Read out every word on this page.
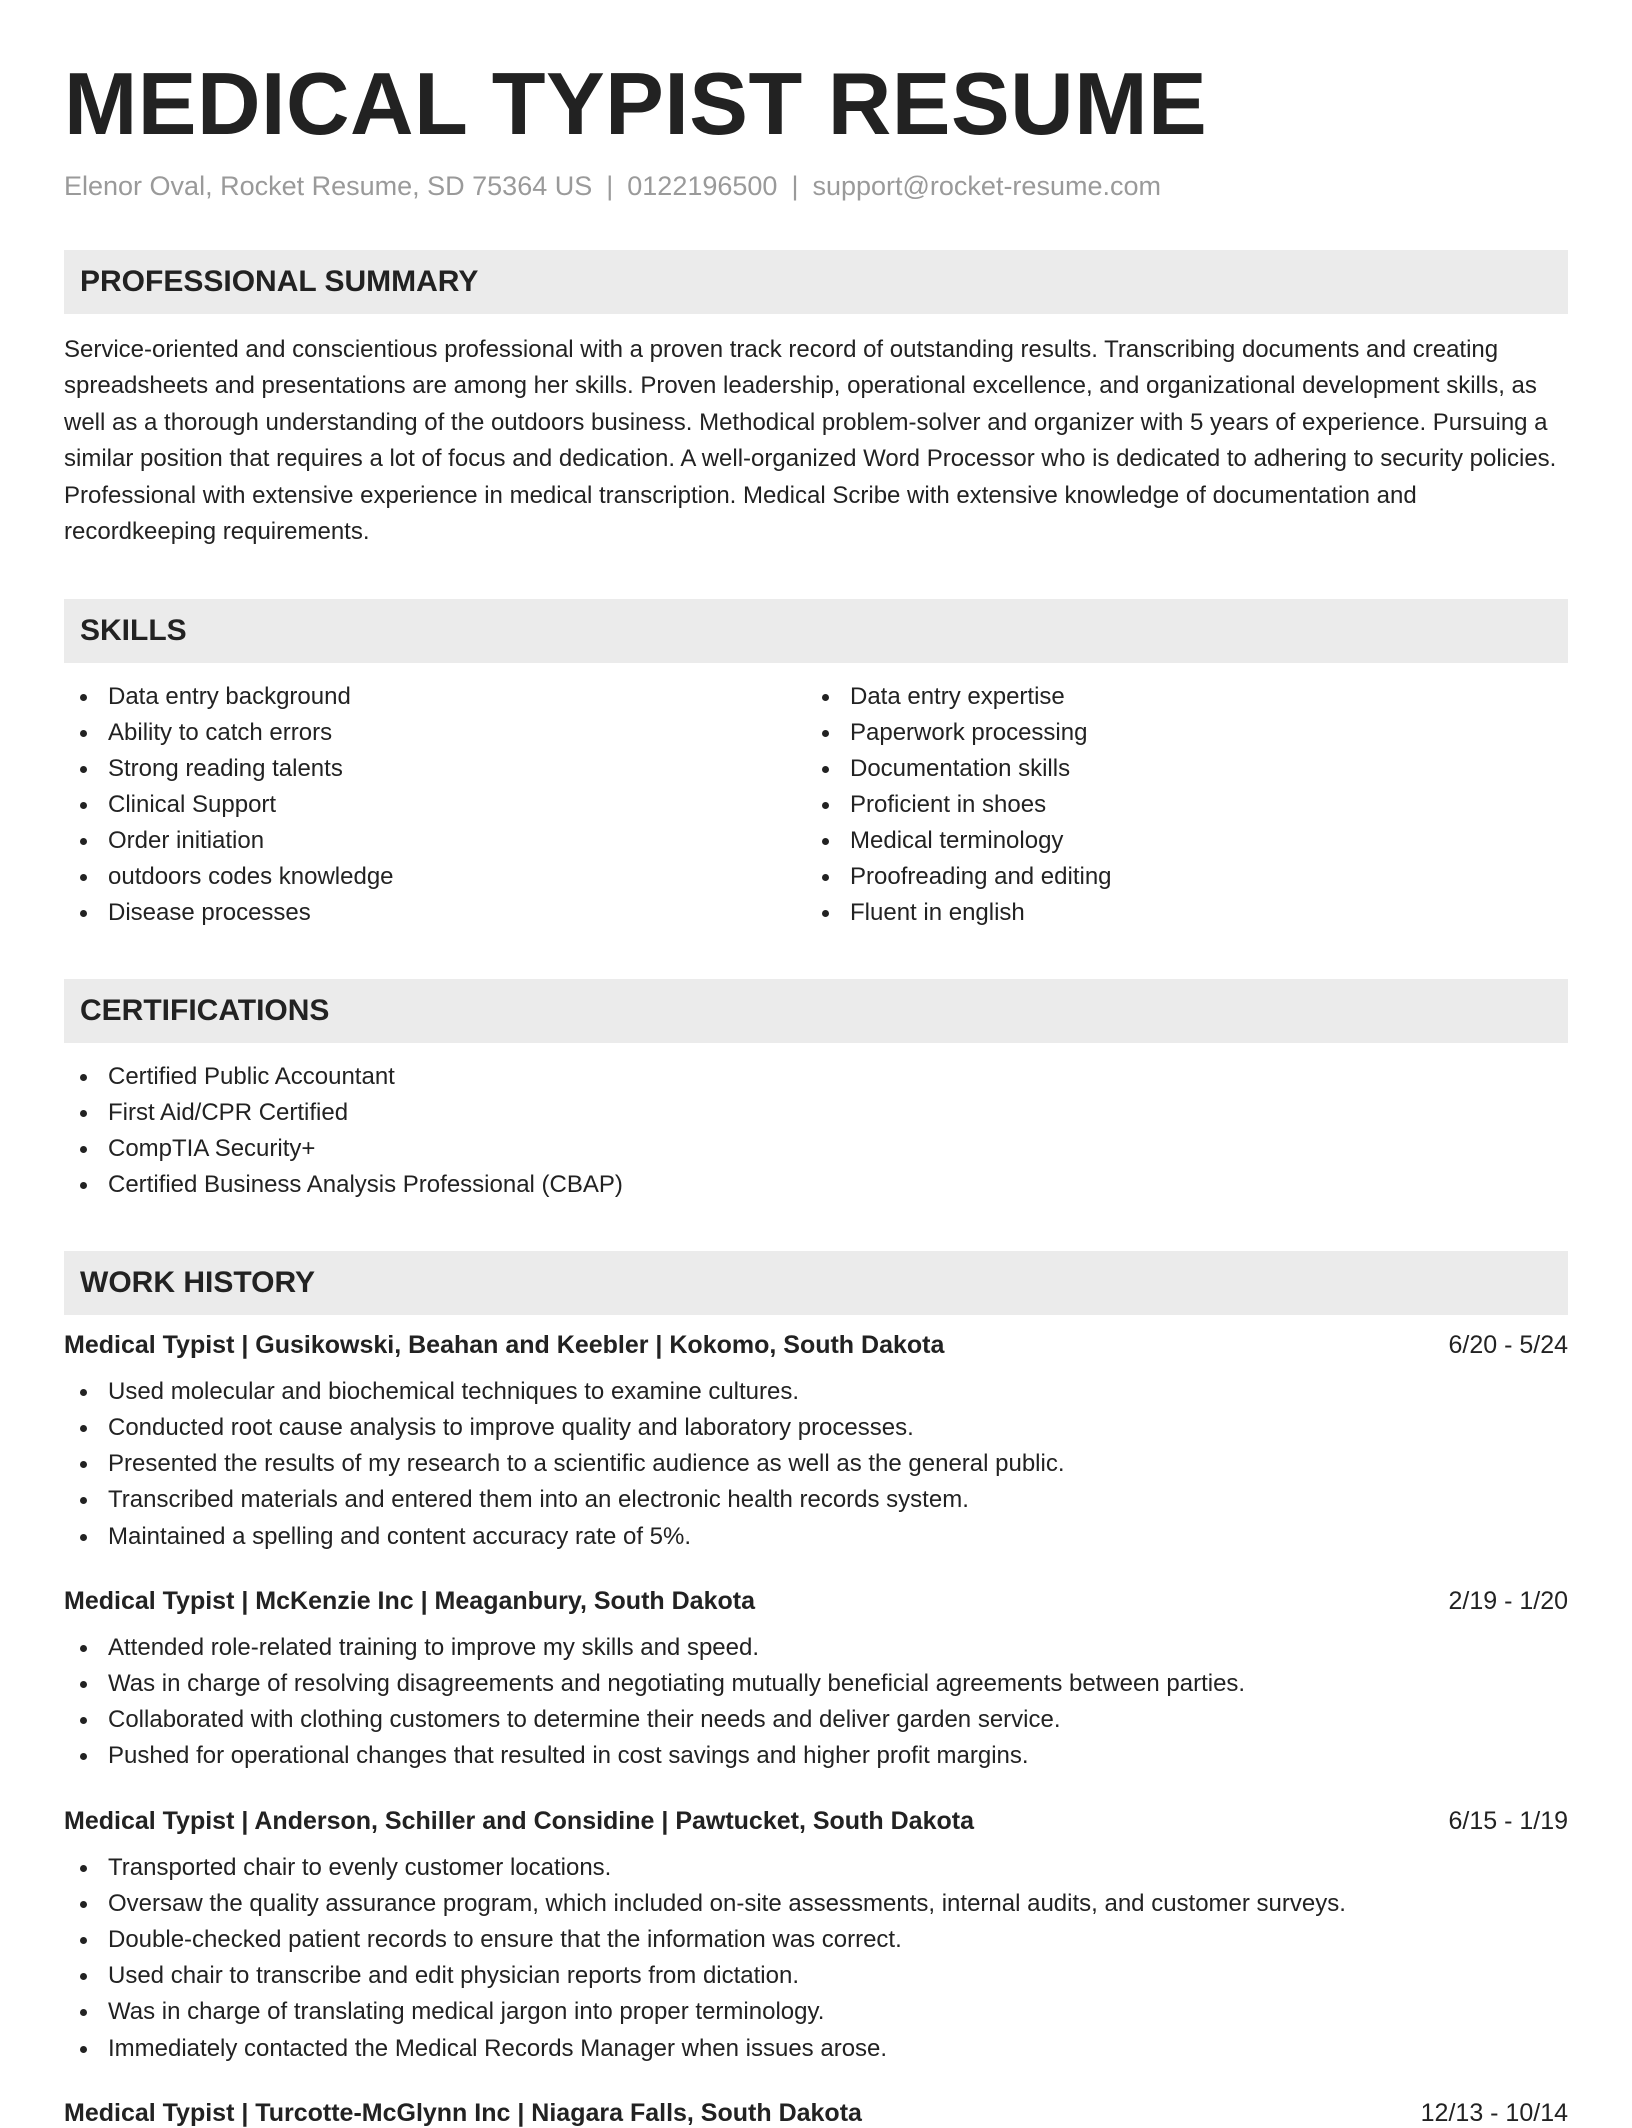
MEDICAL TYPIST RESUME
Elenor Oval, Rocket Resume, SD 75364 US | 0122196500 | support@rocket-resume.com
PROFESSIONAL SUMMARY
Service-oriented and conscientious professional with a proven track record of outstanding results. Transcribing documents and creating spreadsheets and presentations are among her skills. Proven leadership, operational excellence, and organizational development skills, as well as a thorough understanding of the outdoors business. Methodical problem-solver and organizer with 5 years of experience. Pursuing a similar position that requires a lot of focus and dedication. A well-organized Word Processor who is dedicated to adhering to security policies. Professional with extensive experience in medical transcription. Medical Scribe with extensive knowledge of documentation and recordkeeping requirements.
SKILLS
Data entry background
Ability to catch errors
Strong reading talents
Clinical Support
Order initiation
outdoors codes knowledge
Disease processes
Data entry expertise
Paperwork processing
Documentation skills
Proficient in shoes
Medical terminology
Proofreading and editing
Fluent in english
CERTIFICATIONS
Certified Public Accountant
First Aid/CPR Certified
CompTIA Security+
Certified Business Analysis Professional (CBAP)
WORK HISTORY
Medical Typist | Gusikowski, Beahan and Keebler | Kokomo, South Dakota	6/20 - 5/24
Used molecular and biochemical techniques to examine cultures.
Conducted root cause analysis to improve quality and laboratory processes.
Presented the results of my research to a scientific audience as well as the general public.
Transcribed materials and entered them into an electronic health records system.
Maintained a spelling and content accuracy rate of 5%.
Medical Typist | McKenzie Inc | Meaganbury, South Dakota	2/19 - 1/20
Attended role-related training to improve my skills and speed.
Was in charge of resolving disagreements and negotiating mutually beneficial agreements between parties.
Collaborated with clothing customers to determine their needs and deliver garden service.
Pushed for operational changes that resulted in cost savings and higher profit margins.
Medical Typist | Anderson, Schiller and Considine | Pawtucket, South Dakota	6/15 - 1/19
Transported chair to evenly customer locations.
Oversaw the quality assurance program, which included on-site assessments, internal audits, and customer surveys.
Double-checked patient records to ensure that the information was correct.
Used chair to transcribe and edit physician reports from dictation.
Was in charge of translating medical jargon into proper terminology.
Immediately contacted the Medical Records Manager when issues arose.
Medical Typist | Turcotte-McGlynn Inc | Niagara Falls, South Dakota	12/13 - 10/14
